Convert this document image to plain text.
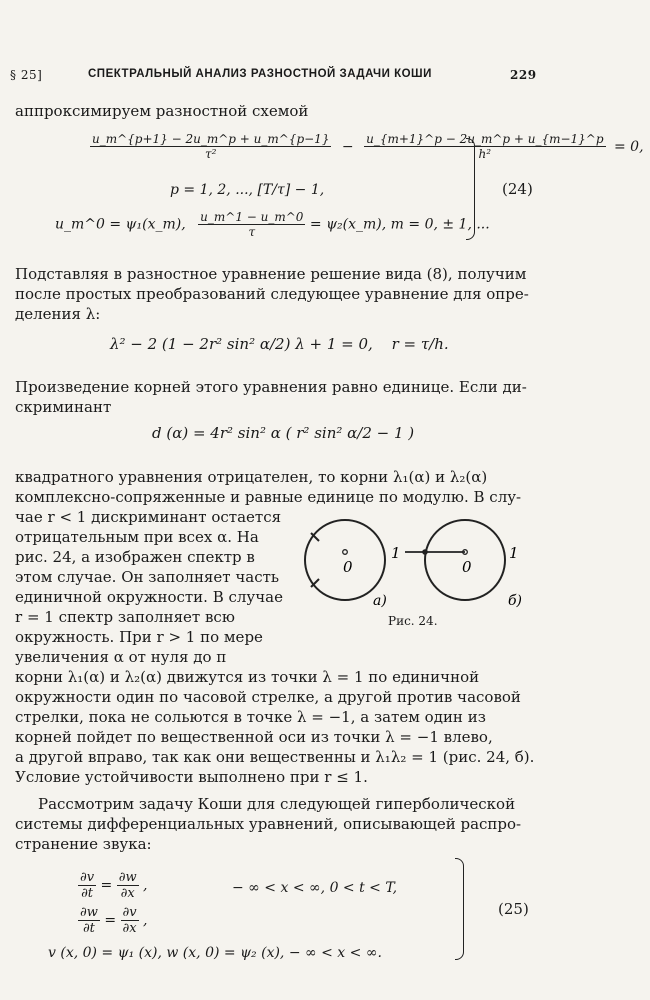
§ 25]	СПЕКТРАЛЬНЫЙ АНАЛИЗ РАЗНОСТНОЙ ЗАДАЧИ КОШИ	229
аппроксимируем разностной схемой
$\frac{u\_m\^{}\{p+1\} - 2u\_m\^{}p + u\_m\^{}\{p-1\}}{\text{τ²}} - \frac{u\_\{m+1\}\^{}p - 2u\_m\^{}p + u\_\{m-1\}\^{}p}{\text{h²}} = 0$,
p = 1, 2, ..., [T/τ] − 1,
u_m^0 = ψ₁(x_m), $\frac{u\_m\^{}1 - u\_m\^{}0}{\tau}$ = ψ₂(x_m), m = 0, ± 1, ...
(24)
Подставляя в разностное уравнение решение вида (8), получим
после простых преобразований следующее уравнение для опре-
деления λ:
λ² − 2 (1 − 2r² sin² α/2) λ + 1 = 0, r = τ/h.
Произведение корней этого уравнения равно единице. Если ди-
скриминант
d (α) = 4r² sin² α ( r² sin² α/2 − 1 )
квадратного уравнения отрицателен, то корни λ₁(α) и λ₂(α)
комплексно-сопряженные и равные единице по модулю. В слу-
чае r < 1 дискриминант остается
отрицательным при всех α. На
рис. 24, а изображен спектр в
этом случае. Он заполняет часть
единичной окружности. В случае
r = 1 спектр заполняет всю
окружность. При r > 1 по мере
увеличения α от нуля до π
0
1
0
1
а)	б)
Рис. 24.
корни λ₁(α) и λ₂(α) движутся из точки λ = 1 по единичной
окружности один по часовой стрелке, а другой против часовой
стрелки, пока не сольются в точке λ = −1, а затем один из
корней пойдет по вещественной оси из точки λ = −1 влево,
а другой вправо, так как они вещественны и λ₁λ₂ = 1 (рис. 24, б).
Условие устойчивости выполнено при r ≤ 1.
Рассмотрим задачу Коши для следующей гиперболической
системы дифференциальных уравнений, описывающей распро-
странение звука:
$\frac{\partial v}{\partial t} = \frac{\partial w}{\partial x}$ ,
$\frac{\partial w}{\partial t} = \frac{\partial v}{\partial x}$ ,
− ∞ < x < ∞, 0 < t < T,
v (x, 0) = ψ₁ (x), w (x, 0) = ψ₂ (x), − ∞ < x < ∞.
(25)
